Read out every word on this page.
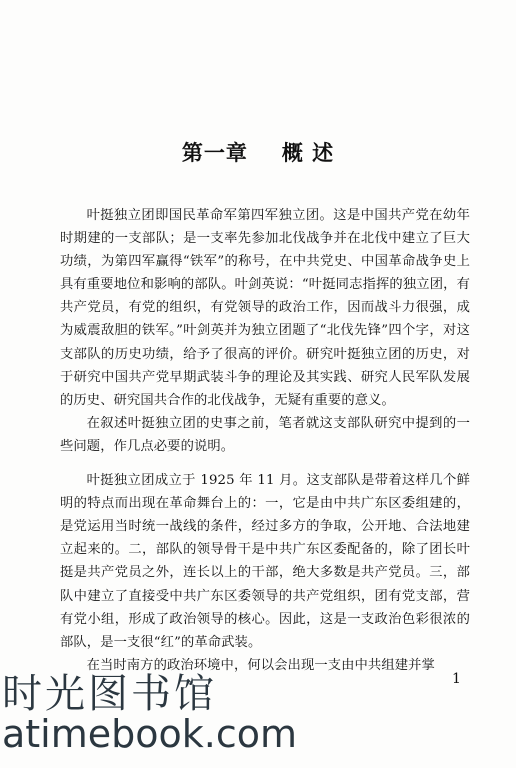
第一章 概 述

叶挺独立团即国民革命军第四军独立团。这是中国共产党在幼年时期建的一支部队；是一支率先参加北伐战争并在北伐中建立了巨大功绩，为第四军赢得“铁军”的称号，在中共党史、中国革命战争史上具有重要地位和影响的部队。叶剑英说：“叶挺同志指挥的独立团，有共产党员，有党的组织，有党领导的政治工作，因而战斗力很强，成为威震敌胆的铁军。”叶剑英并为独立团题了“北伐先锋”四个字，对这支部队的历史功绩，给予了很高的评价。研究叶挺独立团的历史，对于研究中国共产党早期武装斗争的理论及其实践、研究人民军队发展的历史、研究国共合作的北伐战争，无疑有重要的意义。

在叙述叶挺独立团的史事之前，笔者就这支部队研究中提到的一些问题，作几点必要的说明。

叶挺独立团成立于 1925 年 11 月。这支部队是带着这样几个鲜明的特点而出现在革命舞台上的：一，它是由中共广东区委组建的，是党运用当时统一战线的条件，经过多方的争取，公开地、合法地建立起来的。二，部队的领导骨干是中共广东区委配备的，除了团长叶挺是共产党员之外，连长以上的干部，绝大多数是共产党员。三，部队中建立了直接受中共广东区委领导的共产党组织，团有党支部，营有党小组，形成了政治领导的核心。因此，这是一支政治色彩很浓的 部队，是一支很“红”的革命武装。

在当时南方的政治环境中，何以会出现一支由中共组建并掌

1
时光图书馆
atimebook.com
